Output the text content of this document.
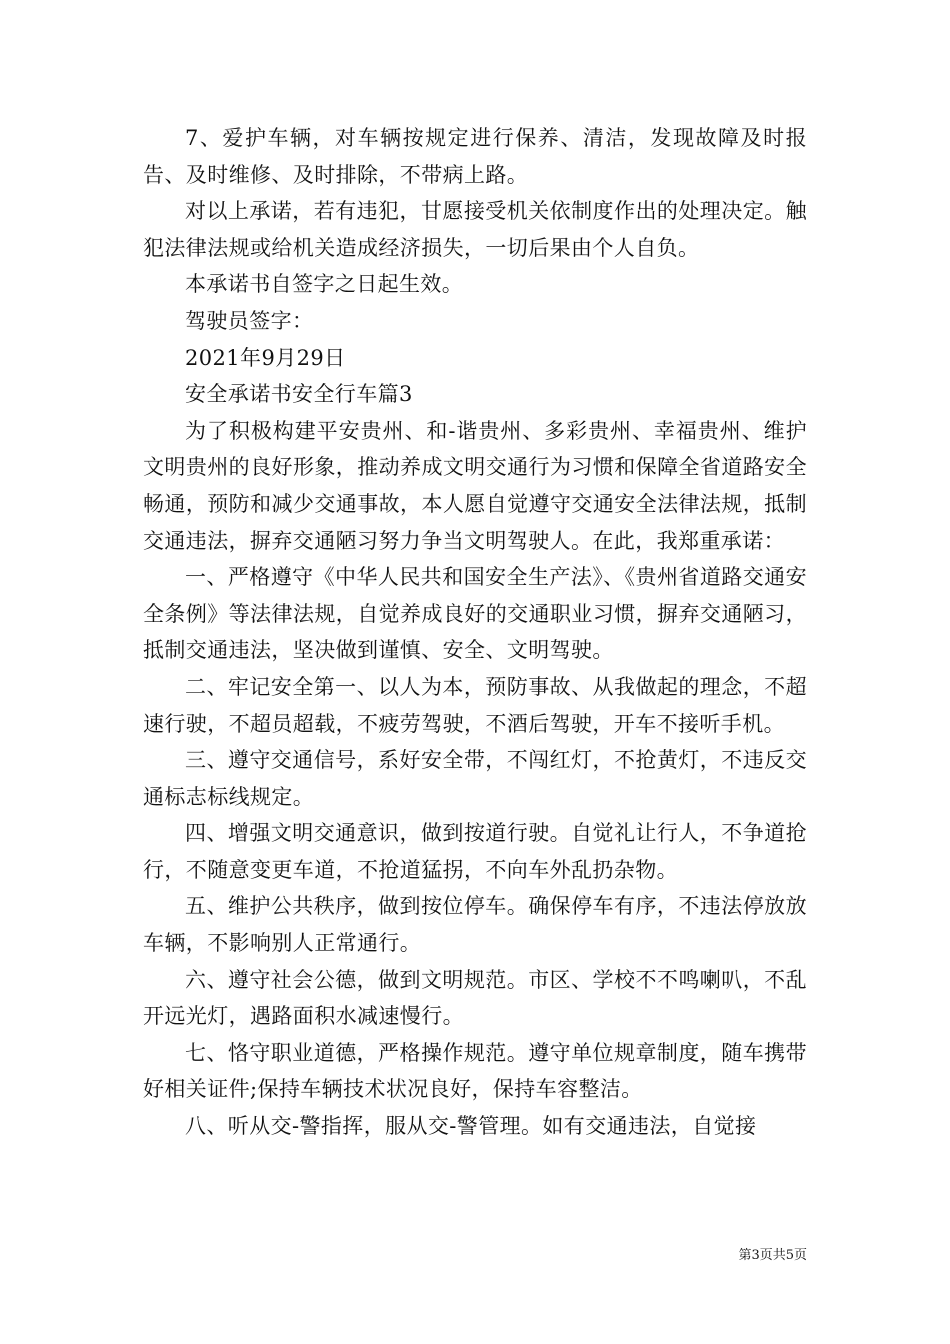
7、爱护车辆，对车辆按规定进行保养、清洁，发现故障及时报告、及时维修、及时排除，不带病上路。

对以上承诺，若有违犯，甘愿接受机关依制度作出的处理决定。触犯法律法规或给机关造成经济损失，一切后果由个人自负。

本承诺书自签字之日起生效。

驾驶员签字：

2021年9月29日

安全承诺书安全行车篇3

为了积极构建平安贵州、和-谐贵州、多彩贵州、幸福贵州、维护文明贵州的良好形象，推动养成文明交通行为习惯和保障全省道路安全畅通，预防和减少交通事故，本人愿自觉遵守交通安全法律法规，抵制交通违法，摒弃交通陋习努力争当文明驾驶人。在此，我郑重承诺：

一、严格遵守《中华人民共和国安全生产法》、《贵州省道路交通安全条例》等法律法规，自觉养成良好的交通职业习惯，摒弃交通陋习，抵制交通违法，坚决做到谨慎、安全、文明驾驶。

二、牢记安全第一、以人为本，预防事故、从我做起的理念，不超速行驶，不超员超载，不疲劳驾驶，不酒后驾驶，开车不接听手机。

三、遵守交通信号，系好安全带，不闯红灯，不抢黄灯，不违反交通标志标线规定。

四、增强文明交通意识，做到按道行驶。自觉礼让行人，不争道抢行，不随意变更车道，不抢道猛拐，不向车外乱扔杂物。

五、维护公共秩序，做到按位停车。确保停车有序，不违法停放放车辆，不影响别人正常通行。

六、遵守社会公德，做到文明规范。市区、学校不不鸣喇叭，不乱开远光灯，遇路面积水减速慢行。

七、恪守职业道德，严格操作规范。遵守单位规章制度，随车携带好相关证件;保持车辆技术状况良好，保持车容整洁。

八、听从交-警指挥，服从交-警管理。如有交通违法，自觉接

第3页共5页
